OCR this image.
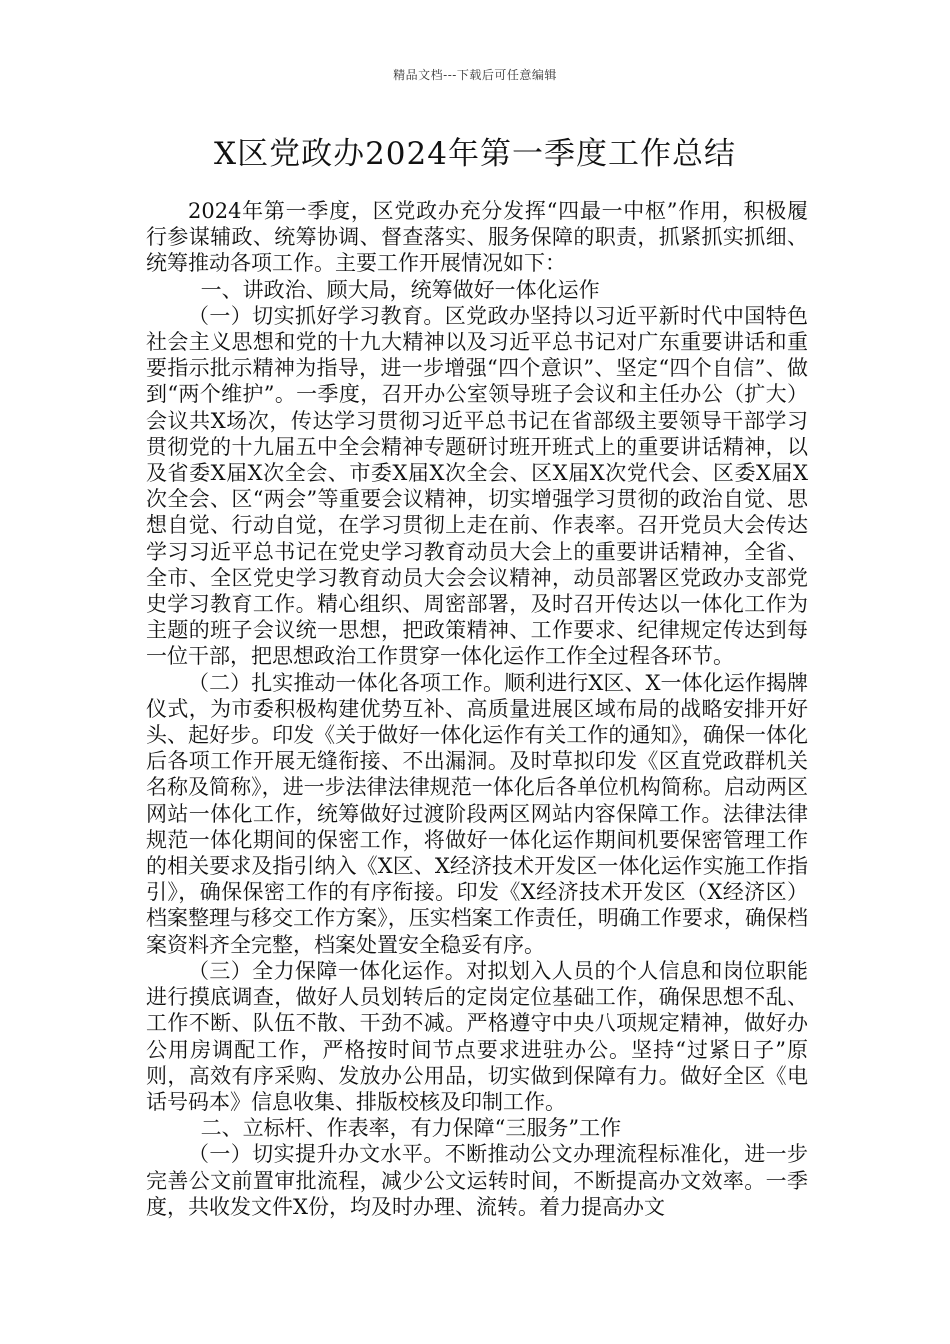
精品文档---下载后可任意编辑
X区党政办2024年第一季度工作总结

2024年第一季度，区党政办充分发挥“四最一中枢”作用，积极履行参谋辅政、统筹协调、督查落实、服务保障的职责，抓紧抓实抓细、统筹推动各项工作。主要工作开展情况如下：

一、讲政治、顾大局，统筹做好一体化运作

（一）切实抓好学习教育。区党政办坚持以习近平新时代中国特色社会主义思想和党的十九大精神以及习近平总书记对广东重要讲话和重要指示批示精神为指导，进一步增强“四个意识”、坚定“四个自信”、做到“两个维护”。一季度，召开办公室领导班子会议和主任办公（扩大）会议共X场次，传达学习贯彻习近平总书记在省部级主要领导干部学习贯彻党的十九届五中全会精神专题研讨班开班式上的重要讲话精神，以及省委X届X次全会、市委X届X次全会、区X届X次党代会、区委X届X次全会、区“两会”等重要会议精神，切实增强学习贯彻的政治自觉、思想自觉、行动自觉，在学习贯彻上走在前、作表率。召开党员大会传达学习习近平总书记在党史学习教育动员大会上的重要讲话精神，全省、全市、全区党史学习教育动员大会会议精神，动员部署区党政办支部党史学习教育工作。精心组织、周密部署，及时召开传达以一体化工作为主题的班子会议统一思想，把政策精神、工作要求、纪律规定传达到每一位干部，把思想政治工作贯穿一体化运作工作全过程各环节。

（二）扎实推动一体化各项工作。顺利进行X区、X一体化运作揭牌仪式，为市委积极构建优势互补、高质量进展区域布局的战略安排开好头、起好步。印发《关于做好一体化运作有关工作的通知》，确保一体化后各项工作开展无缝衔接、不出漏洞。及时草拟印发《区直党政群机关名称及简称》，进一步法律法律规范一体化后各单位机构简称。启动两区网站一体化工作，统筹做好过渡阶段两区网站内容保障工作。法律法律规范一体化期间的保密工作，将做好一体化运作期间机要保密管理工作的相关要求及指引纳入《X区、X经济技术开发区一体化运作实施工作指引》，确保保密工作的有序衔接。印发《X经济技术开发区（X经济区）档案整理与移交工作方案》，压实档案工作责任，明确工作要求，确保档案资料齐全完整，档案处置安全稳妥有序。

（三）全力保障一体化运作。对拟划入人员的个人信息和岗位职能进行摸底调查，做好人员划转后的定岗定位基础工作，确保思想不乱、工作不断、队伍不散、干劲不减。严格遵守中央八项规定精神，做好办公用房调配工作，严格按时间节点要求进驻办公。坚持“过紧日子”原则，高效有序采购、发放办公用品，切实做到保障有力。做好全区《电话号码本》信息收集、排版校核及印制工作。

二、立标杆、作表率，有力保障“三服务”工作

（一）切实提升办文水平。不断推动公文办理流程标准化，进一步完善公文前置审批流程，减少公文运转时间，不断提高办文效率。一季度，共收发文件X份，均及时办理、流转。着力提高办文
